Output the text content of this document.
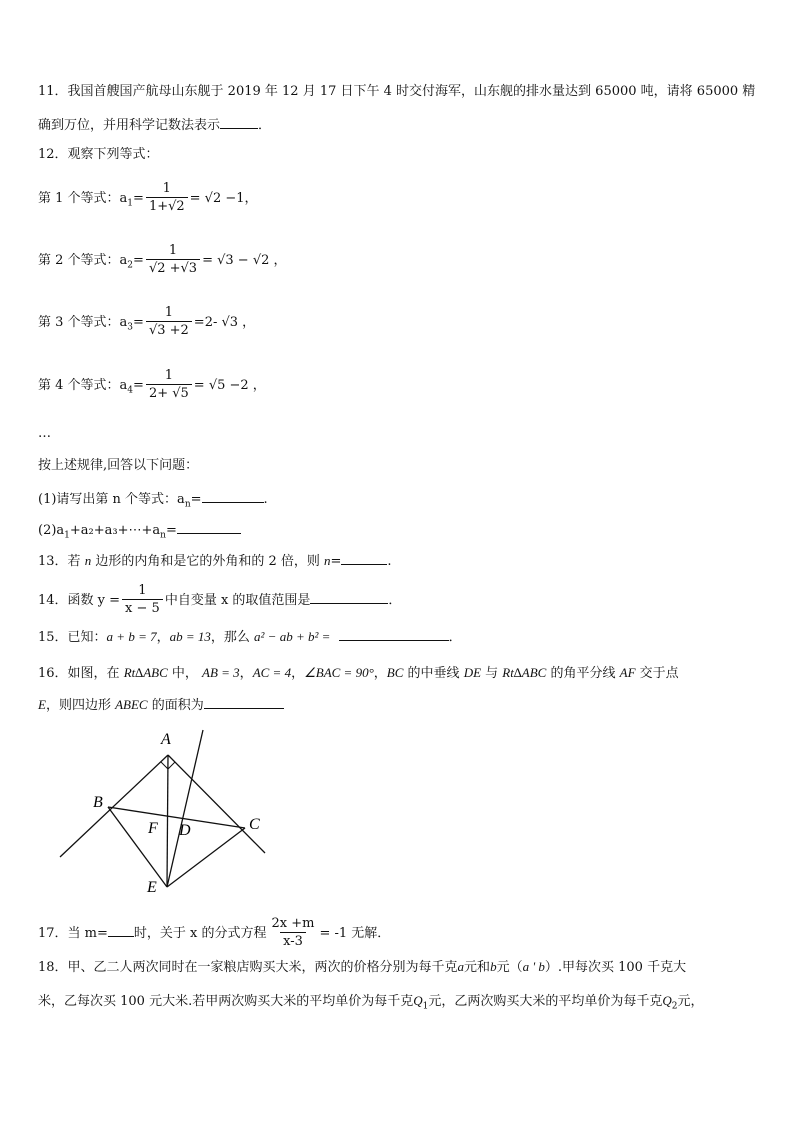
11．我国首艘国产航母山东舰于 2019 年 12 月 17 日下午 4 时交付海军，山东舰的排水量达到 65000 吨，请将 65000 精
确到万位，并用科学记数法表示	．
12．观察下列等式：
第 1 个等式：$a_1= \frac{1}{1+√2} = √2 -1$，
第 2 个等式：$a_2= \frac{1}{√2 +√3} = √3 - √2$ ，
第 3 个等式：$a_3= \frac{1}{√3 +2} =2-$ √3 ，
第 4 个等式：$a_4= \frac{1}{2+ √5} = √5 -2$ ，
…
按上述规律,回答以下问题：
(1)请写出第 n 个等式：$a_n=$	.
$(2)a_1+a_2+a_3+\cdots+a_n=$
13．若 n 边形的内角和是它的外角和的 2 倍，则 n=	.
14．函数 $y = \frac{1}{x - 5}$ 中自变量 x 的取值范围是	．
15．已知：a + b = 7，ab = 13，那么 a² − ab + b² =	．
16．如图，在 Rt∆ABC 中， AB = 3，AC = 4，∠BAC = 90°，BC 的中垂线 DE 与 Rt∆ABC 的角平分线 AF 交于点
E，则四边形 ABEC 的面积为
A
B
C
D
F
E
17．当 m= 时，关于 x 的分式方程 $\frac{2x +m}{x-3} = -1$ 无解．
18．甲、乙二人两次同时在一家粮店购买大米，两次的价格分别为每千克a元和b元（a ' b）.甲每次买 100 千克大
米，乙每次买 100 元大米.若甲两次购买大米的平均单价为每千克$Q_1$元，乙两次购买大米的平均单价为每千克$Q_2$元，
